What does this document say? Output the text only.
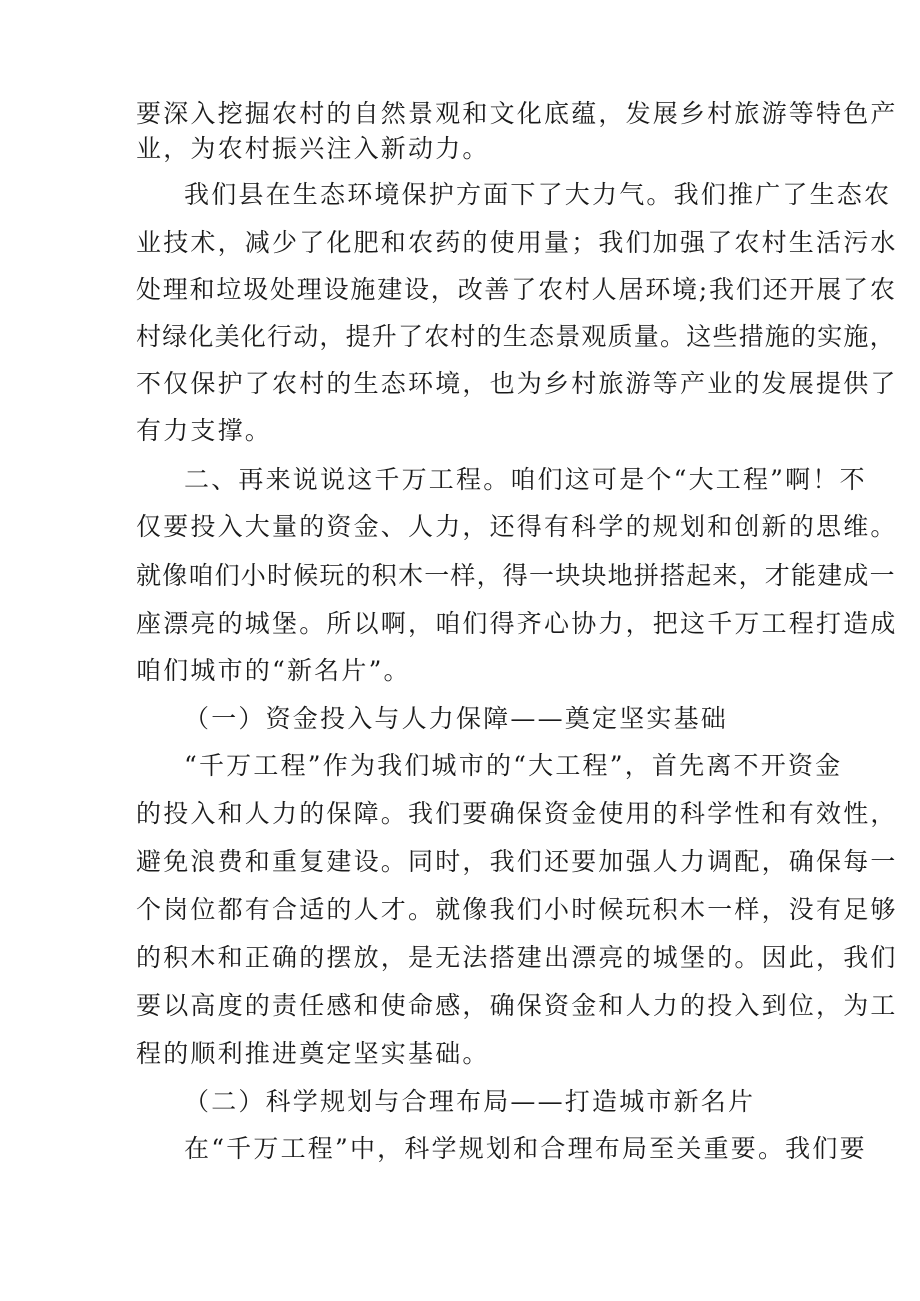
要深入挖掘农村的自然景观和文化底蕴，发展乡村旅游等特色产
业，为农村振兴注入新动力。
我们县在生态环境保护方面下了大力气。我们推广了生态农
业技术，减少了化肥和农药的使用量；我们加强了农村生活污水
处理和垃圾处理设施建设，改善了农村人居环境;我们还开展了农
村绿化美化行动，提升了农村的生态景观质量。这些措施的实施，
不仅保护了农村的生态环境，也为乡村旅游等产业的发展提供了
有力支撑。
二、再来说说这千万工程。咱们这可是个“大工程”啊！不
仅要投入大量的资金、人力，还得有科学的规划和创新的思维。
就像咱们小时候玩的积木一样，得一块块地拼搭起来，才能建成一
座漂亮的城堡。所以啊，咱们得齐心协力，把这千万工程打造成
咱们城市的“新名片”。
（一）资金投入与人力保障——奠定坚实基础
“千万工程”作为我们城市的“大工程”，首先离不开资金
的投入和人力的保障。我们要确保资金使用的科学性和有效性，
避免浪费和重复建设。同时，我们还要加强人力调配，确保每一
个岗位都有合适的人才。就像我们小时候玩积木一样，没有足够
的积木和正确的摆放，是无法搭建出漂亮的城堡的。因此，我们
要以高度的责任感和使命感，确保资金和人力的投入到位，为工
程的顺利推进奠定坚实基础。
（二）科学规划与合理布局——打造城市新名片
在“千万工程”中，科学规划和合理布局至关重要。我们要
